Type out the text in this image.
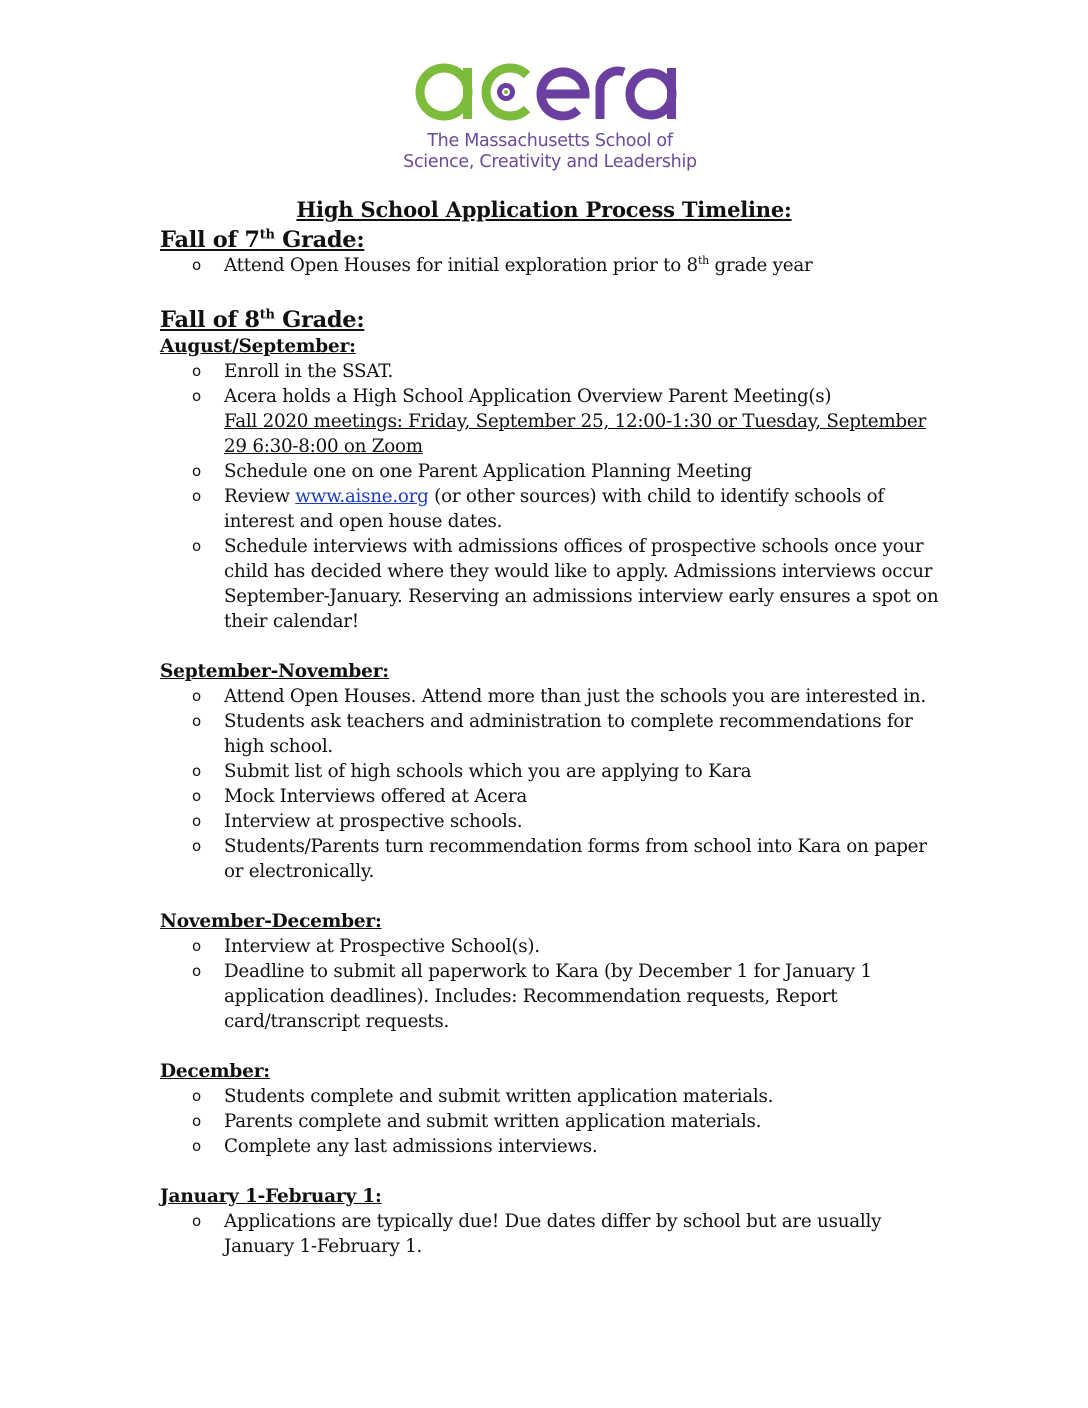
The Massachusetts School of
Science, Creativity and Leadership
High School Application Process Timeline:
Fall of 7th Grade:
o Attend Open Houses for initial exploration prior to 8th grade year
Fall of 8th Grade:
August/September:
o Enroll in the SSAT.
o Acera holds a High School Application Overview Parent Meeting(s)
Fall 2020 meetings: Friday, September 25, 12:00-1:30 or Tuesday, September 29 6:30-8:00 on Zoom
o Schedule one on one Parent Application Planning Meeting
o Review www.aisne.org (or other sources) with child to identify schools of interest and open house dates.
o Schedule interviews with admissions offices of prospective schools once your child has decided where they would like to apply. Admissions interviews occur September-January. Reserving an admissions interview early ensures a spot on their calendar!
September-November:
o Attend Open Houses. Attend more than just the schools you are interested in.
o Students ask teachers and administration to complete recommendations for high school.
o Submit list of high schools which you are applying to Kara
o Mock Interviews offered at Acera
o Interview at prospective schools.
o Students/Parents turn recommendation forms from school into Kara on paper or electronically.
November-December:
o Interview at Prospective School(s).
o Deadline to submit all paperwork to Kara (by December 1 for January 1 application deadlines). Includes: Recommendation requests, Report card/transcript requests.
December:
o Students complete and submit written application materials.
o Parents complete and submit written application materials.
o Complete any last admissions interviews.
January 1-February 1:
o Applications are typically due! Due dates differ by school but are usually January 1-February 1.
